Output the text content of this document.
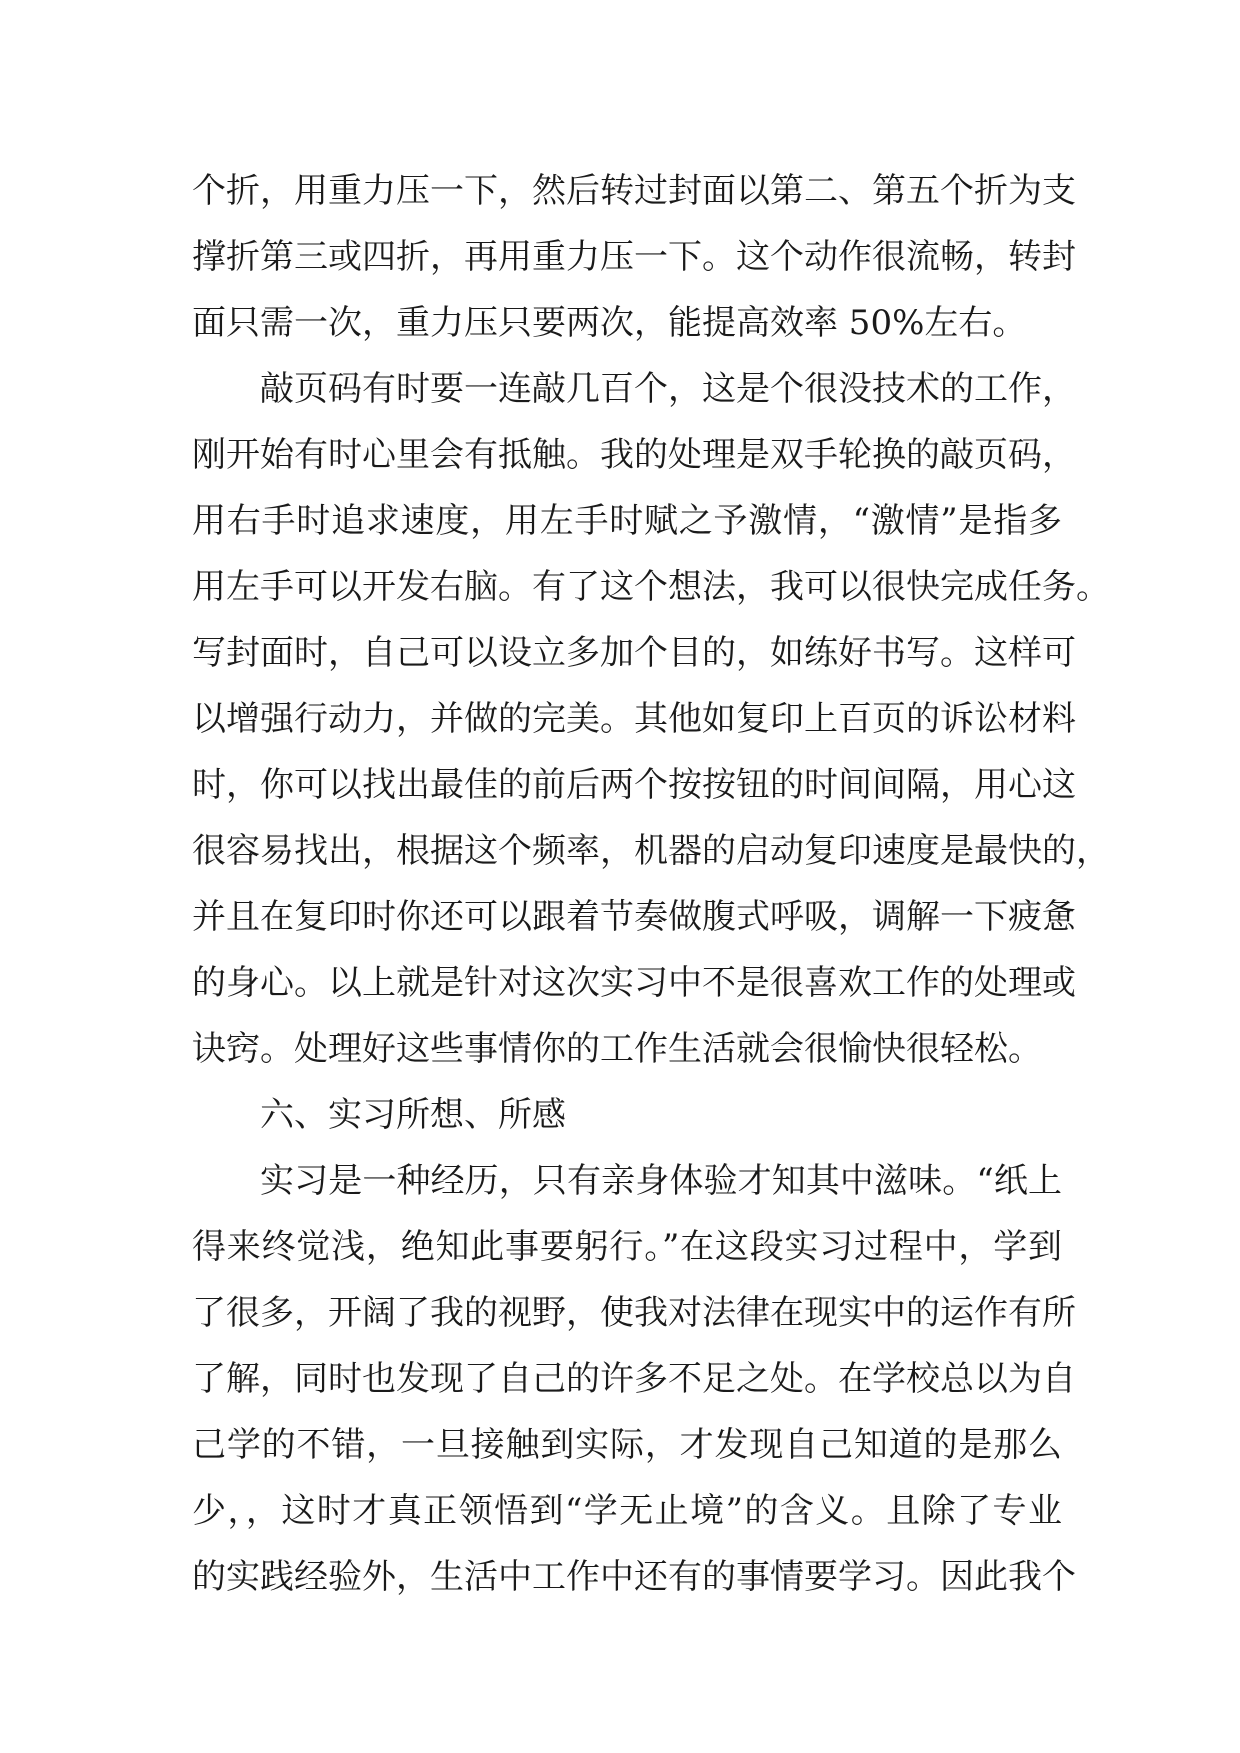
个折，用重力压一下，然后转过封面以第二、第五个折为支
撑折第三或四折，再用重力压一下。这个动作很流畅，转封
面只需一次，重力压只要两次，能提高效率 50%左右。
敲页码有时要一连敲几百个，这是个很没技术的工作，
刚开始有时心里会有抵触。我的处理是双手轮换的敲页码，
用右手时追求速度，用左手时赋之予激情，“激情”是指多
用左手可以开发右脑。有了这个想法，我可以很快完成任务。
写封面时，自己可以设立多加个目的，如练好书写。这样可
以增强行动力，并做的完美。其他如复印上百页的诉讼材料
时，你可以找出最佳的前后两个按按钮的时间间隔，用心这
很容易找出，根据这个频率，机器的启动复印速度是最快的，
并且在复印时你还可以跟着节奏做腹式呼吸，调解一下疲惫
的身心。以上就是针对这次实习中不是很喜欢工作的处理或
诀窍。处理好这些事情你的工作生活就会很愉快很轻松。
六、实习所想、所感
实习是一种经历，只有亲身体验才知其中滋味。“纸上
得来终觉浅，绝知此事要躬行。”在这段实习过程中，学到
了很多，开阔了我的视野，使我对法律在现实中的运作有所
了解，同时也发现了自己的许多不足之处。在学校总以为自
己学的不错，一旦接触到实际，才发现自己知道的是那么
少，，这时才真正领悟到“学无止境”的含义。且除了专业
的实践经验外，生活中工作中还有的事情要学习。因此我个
